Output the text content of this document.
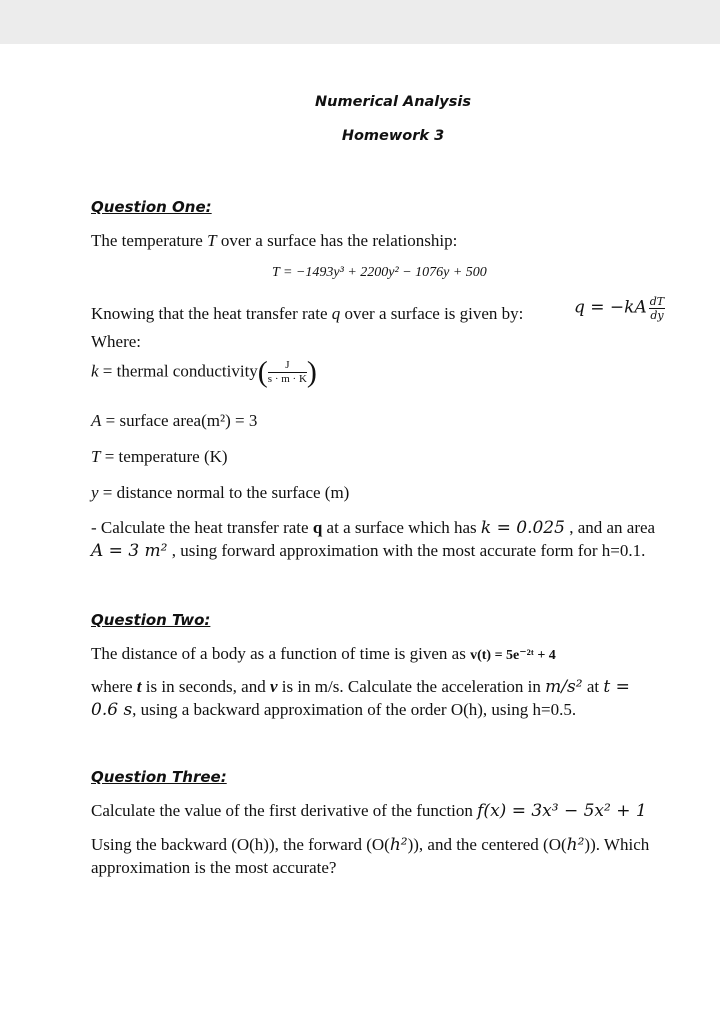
Numerical Analysis
Homework 3
Question One:
The temperature T over a surface has the relationship:
T = −1493y³ + 2200y² − 1076y + 500
Knowing that the heat transfer rate q over a surface is given by:	$q = -kA \frac{dT}{dy}$
Where:
k = thermal conductivity( $\frac{J}{s \cdot m \cdot K}$ )
A = surface area(m²) = 3
T = temperature (K)
y = distance normal to the surface (m)
- Calculate the heat transfer rate q at a surface which has k = 0.025 , and an area
A = 3 m² , using forward approximation with the most accurate form for h=0.1.
Question Two:
The distance of a body as a function of time is given as v(t) = 5e⁻²ᵗ + 4
where t is in seconds, and v is in m/s. Calculate the acceleration in m/s² at t =
0.6 s, using a backward approximation of the order O(h), using h=0.5.
Question Three:
Calculate the value of the first derivative of the function f(x) = 3x³ − 5x² + 1
Using the backward (O(h)), the forward (O(h²)), and the centered (O(h²)). Which
approximation is the most accurate?
